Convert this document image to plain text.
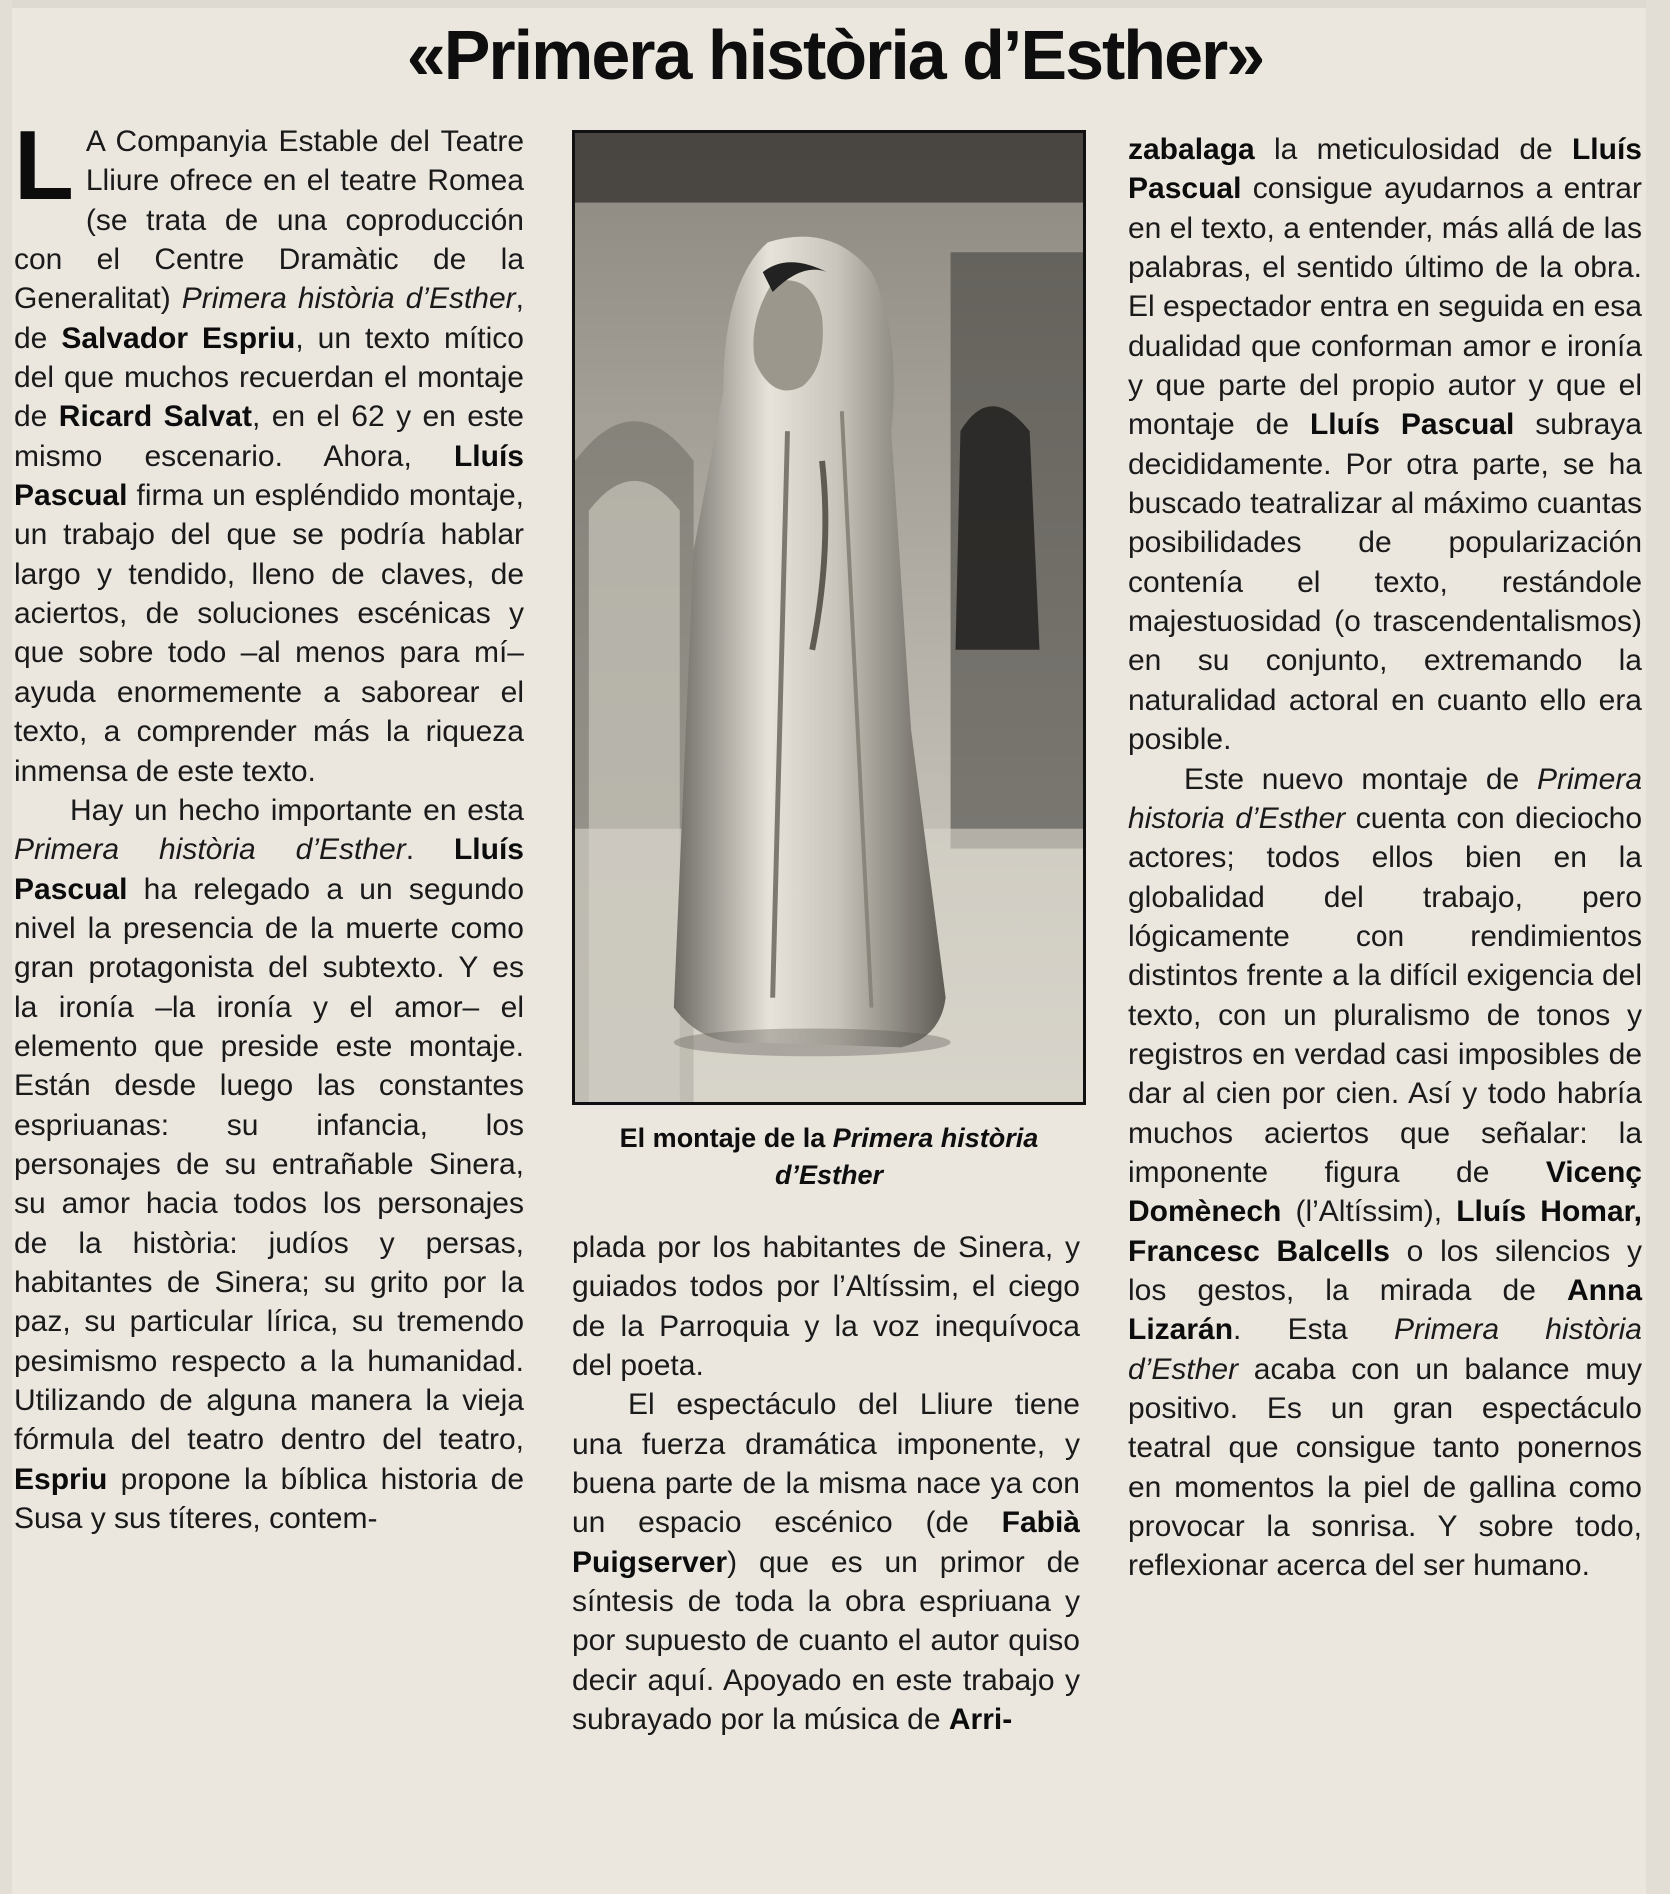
«Primera història d’Esther»

L A Companyia Estable del Teatre Lliure ofrece en el teatre Romea (se trata de una coproducción con el Centre Dramàtic de la Generalitat) Primera història d’Esther, de Salvador Espriu, un texto mítico del que muchos recuerdan el montaje de Ricard Salvat, en el 62 y en este mismo escenario. Ahora, Lluís Pascual firma un espléndido montaje, un trabajo del que se podría hablar largo y tendido, lleno de claves, de aciertos, de soluciones escénicas y que sobre todo –al menos para mí– ayuda enormemente a saborear el texto, a comprender más la riqueza inmensa de este texto.

Hay un hecho importante en esta Primera història d’Esther. Lluís Pascual ha relegado a un segundo nivel la presencia de la muerte como gran protagonista del subtexto. Y es la ironía –la ironía y el amor– el elemento que preside este montaje. Están desde luego las constantes espriuanas: su infancia, los personajes de su entrañable Sinera, su amor hacia todos los personajes de la història: judíos y persas, habitantes de Sinera; su grito por la paz, su particular lírica, su tremendo pesimismo respecto a la humanidad. Utilizando de alguna manera la vieja fórmula del teatro dentro del teatro, Espriu propone la bíblica historia de Susa y sus títeres, contem-

El montaje de la Primera història d’Esther

plada por los habitantes de Sinera, y guiados todos por l’Altíssim, el ciego de la Parroquia y la voz inequívoca del poeta.

El espectáculo del Lliure tiene una fuerza dramática imponente, y buena parte de la misma nace ya con un espacio escénico (de Fabià Puigserver) que es un primor de síntesis de toda la obra espriuana y por supuesto de cuanto el autor quiso decir aquí. Apoyado en este trabajo y subrayado por la música de Arri-

zabalaga la meticulosidad de Lluís Pascual consigue ayudarnos a entrar en el texto, a entender, más allá de las palabras, el sentido último de la obra. El espectador entra en seguida en esa dualidad que conforman amor e ironía y que parte del propio autor y que el montaje de Lluís Pascual subraya decididamente. Por otra parte, se ha buscado teatralizar al máximo cuantas posibilidades de popularización contenía el texto, restándole majestuosidad (o trascendentalismos) en su conjunto, extremando la naturalidad actoral en cuanto ello era posible.

Este nuevo montaje de Primera historia d’Esther cuenta con dieciocho actores; todos ellos bien en la globalidad del trabajo, pero lógicamente con rendimientos distintos frente a la difícil exigencia del texto, con un pluralismo de tonos y registros en verdad casi imposibles de dar al cien por cien. Así y todo habría muchos aciertos que señalar: la imponente figura de Vicenç Domènech (l’Altíssim), Lluís Homar, Francesc Balcells o los silencios y los gestos, la mirada de Anna Lizarán. Esta Primera història d’Esther acaba con un balance muy positivo. Es un gran espectáculo teatral que consigue tanto ponernos en momentos la piel de gallina como provocar la sonrisa. Y sobre todo, reflexionar acerca del ser humano.
